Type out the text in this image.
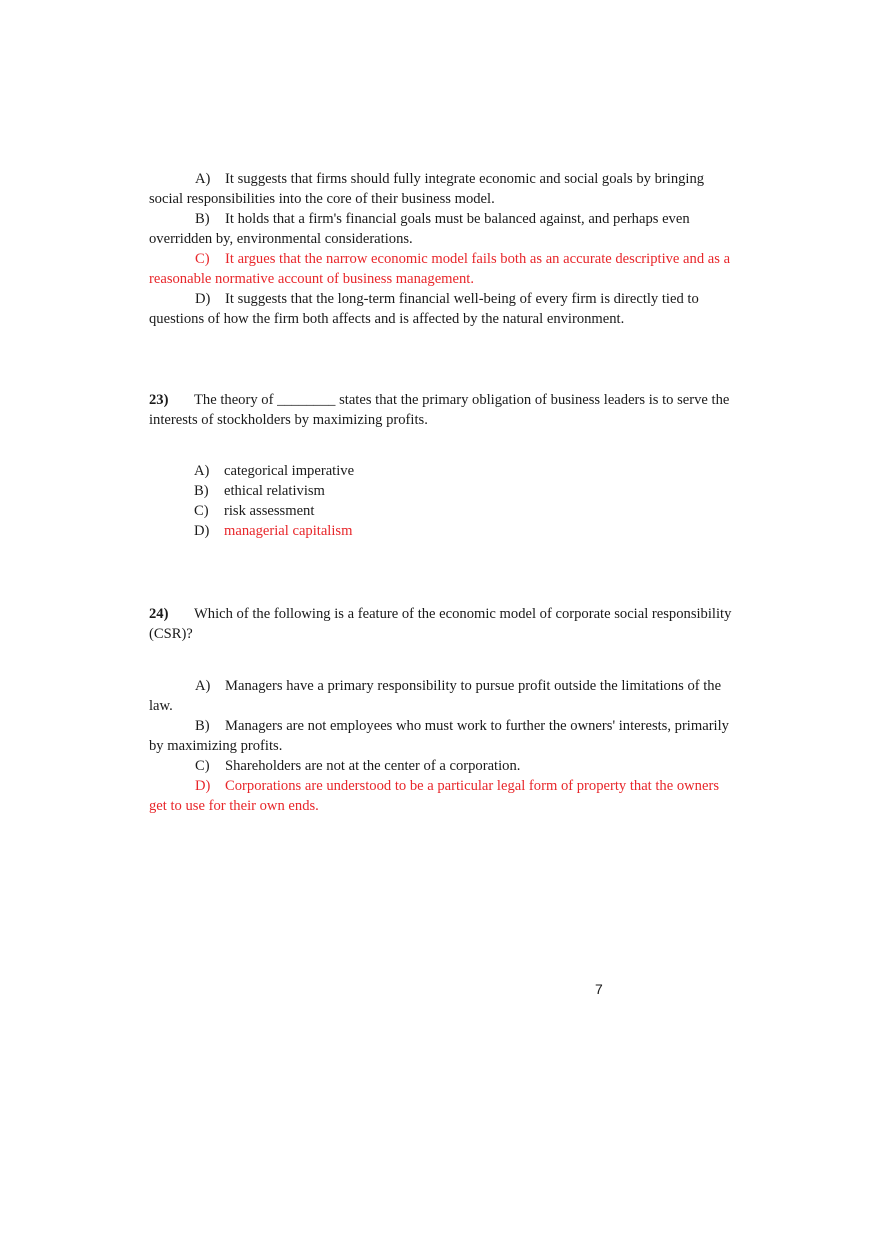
A) It suggests that firms should fully integrate economic and social goals by bringing social responsibilities into the core of their business model.

B) It holds that a firm's financial goals must be balanced against, and perhaps even overridden by, environmental considerations.

C) It argues that the narrow economic model fails both as an accurate descriptive and as a reasonable normative account of business management.

D) It suggests that the long-term financial well-being of every firm is directly tied to questions of how the firm both affects and is affected by the natural environment.

23) The theory of ________ states that the primary obligation of business leaders is to serve the interests of stockholders by maximizing profits.

A) categorical imperative

B) ethical relativism

C) risk assessment

D) managerial capitalism

24) Which of the following is a feature of the economic model of corporate social responsibility (CSR)?

A) Managers have a primary responsibility to pursue profit outside the limitations of the law.

B) Managers are not employees who must work to further the owners' interests, primarily by maximizing profits.

C) Shareholders are not at the center of a corporation.

D) Corporations are understood to be a particular legal form of property that the owners get to use for their own ends.

7
